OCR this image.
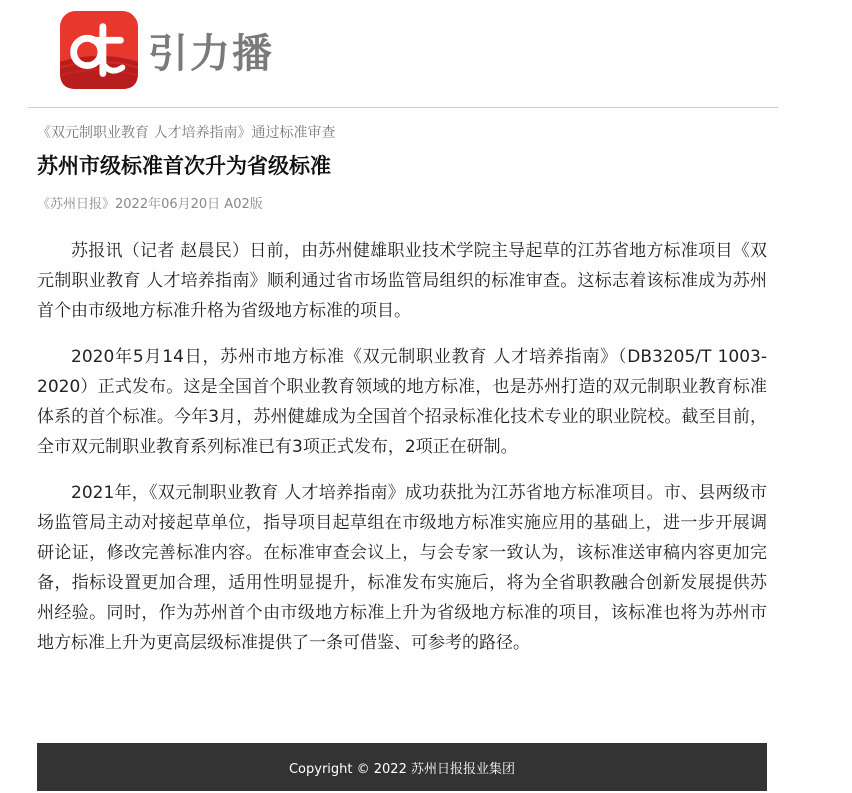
引力播
《双元制职业教育 人才培养指南》通过标准审查
苏州市级标准首次升为省级标准
《苏州日报》2022年06月20日 A02版

苏报讯（记者 赵晨民）日前，由苏州健雄职业技术学院主导起草的江苏省地方标准项目《双元制职业教育 人才培养指南》顺利通过省市场监管局组织的标准审查。这标志着该标准成为苏州首个由市级地方标准升格为省级地方标准的项目。

2020年5月14日，苏州市地方标准《双元制职业教育 人才培养指南》（DB3205/T 1003-2020）正式发布。这是全国首个职业教育领域的地方标准，也是苏州打造的双元制职业教育标准体系的首个标准。今年3月，苏州健雄成为全国首个招录标准化技术专业的职业院校。截至目前，全市双元制职业教育系列标准已有3项正式发布，2项正在研制。

2021年，《双元制职业教育 人才培养指南》成功获批为江苏省地方标准项目。市、县两级市场监管局主动对接起草单位，指导项目起草组在市级地方标准实施应用的基础上，进一步开展调研论证，修改完善标准内容。在标准审查会议上，与会专家一致认为，该标准送审稿内容更加完备，指标设置更加合理，适用性明显提升，标准发布实施后，将为全省职教融合创新发展提供苏州经验。同时，作为苏州首个由市级地方标准上升为省级地方标准的项目，该标准也将为苏州市地方标准上升为更高层级标准提供了一条可借鉴、可参考的路径。

Copyright © 2022 苏州日报报业集团
